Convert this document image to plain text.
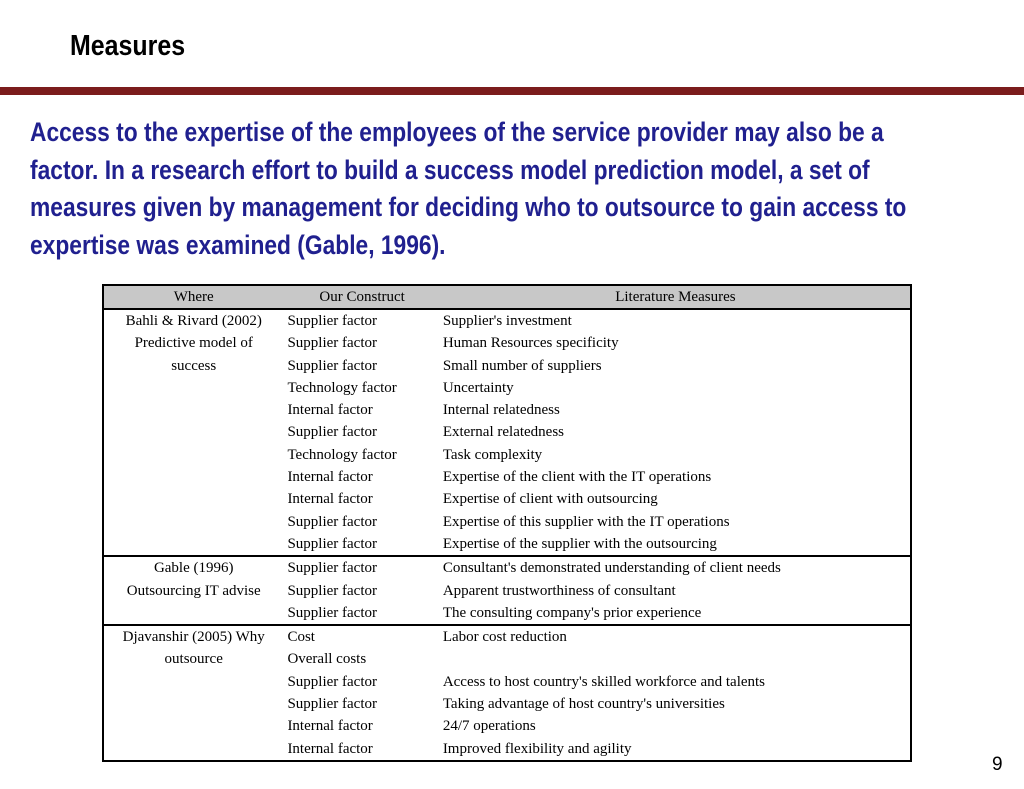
Measures
Access to the expertise of the employees of the service provider may also be a
factor. In a research effort to build a success model prediction model, a set of
measures given by management for deciding who to outsource to gain access to
expertise was examined (Gable, 1996).
Where	Our Construct	Literature Measures
Bahli & Rivard (2002)	Supplier factor	Supplier's investment
Predictive model of	Supplier factor	Human Resources specificity
success	Supplier factor	Small number of suppliers
	Technology factor	Uncertainty
	Internal factor	Internal relatedness
	Supplier factor	External relatedness
	Technology factor	Task complexity
	Internal factor	Expertise of the client with the IT operations
	Internal factor	Expertise of client with outsourcing
	Supplier factor	Expertise of this supplier with the IT operations
	Supplier factor	Expertise of the supplier with the outsourcing
Gable (1996)	Supplier factor	Consultant's demonstrated understanding of client needs
Outsourcing IT advise	Supplier factor	Apparent trustworthiness of consultant
	Supplier factor	The consulting company's prior experience
Djavanshir (2005) Why	Cost	Labor cost reduction
outsource	Overall costs	
	Supplier factor	Access to host country's skilled workforce and talents
	Supplier factor	Taking advantage of host country's universities
	Internal factor	24/7 operations
	Internal factor	Improved flexibility and agility
9
